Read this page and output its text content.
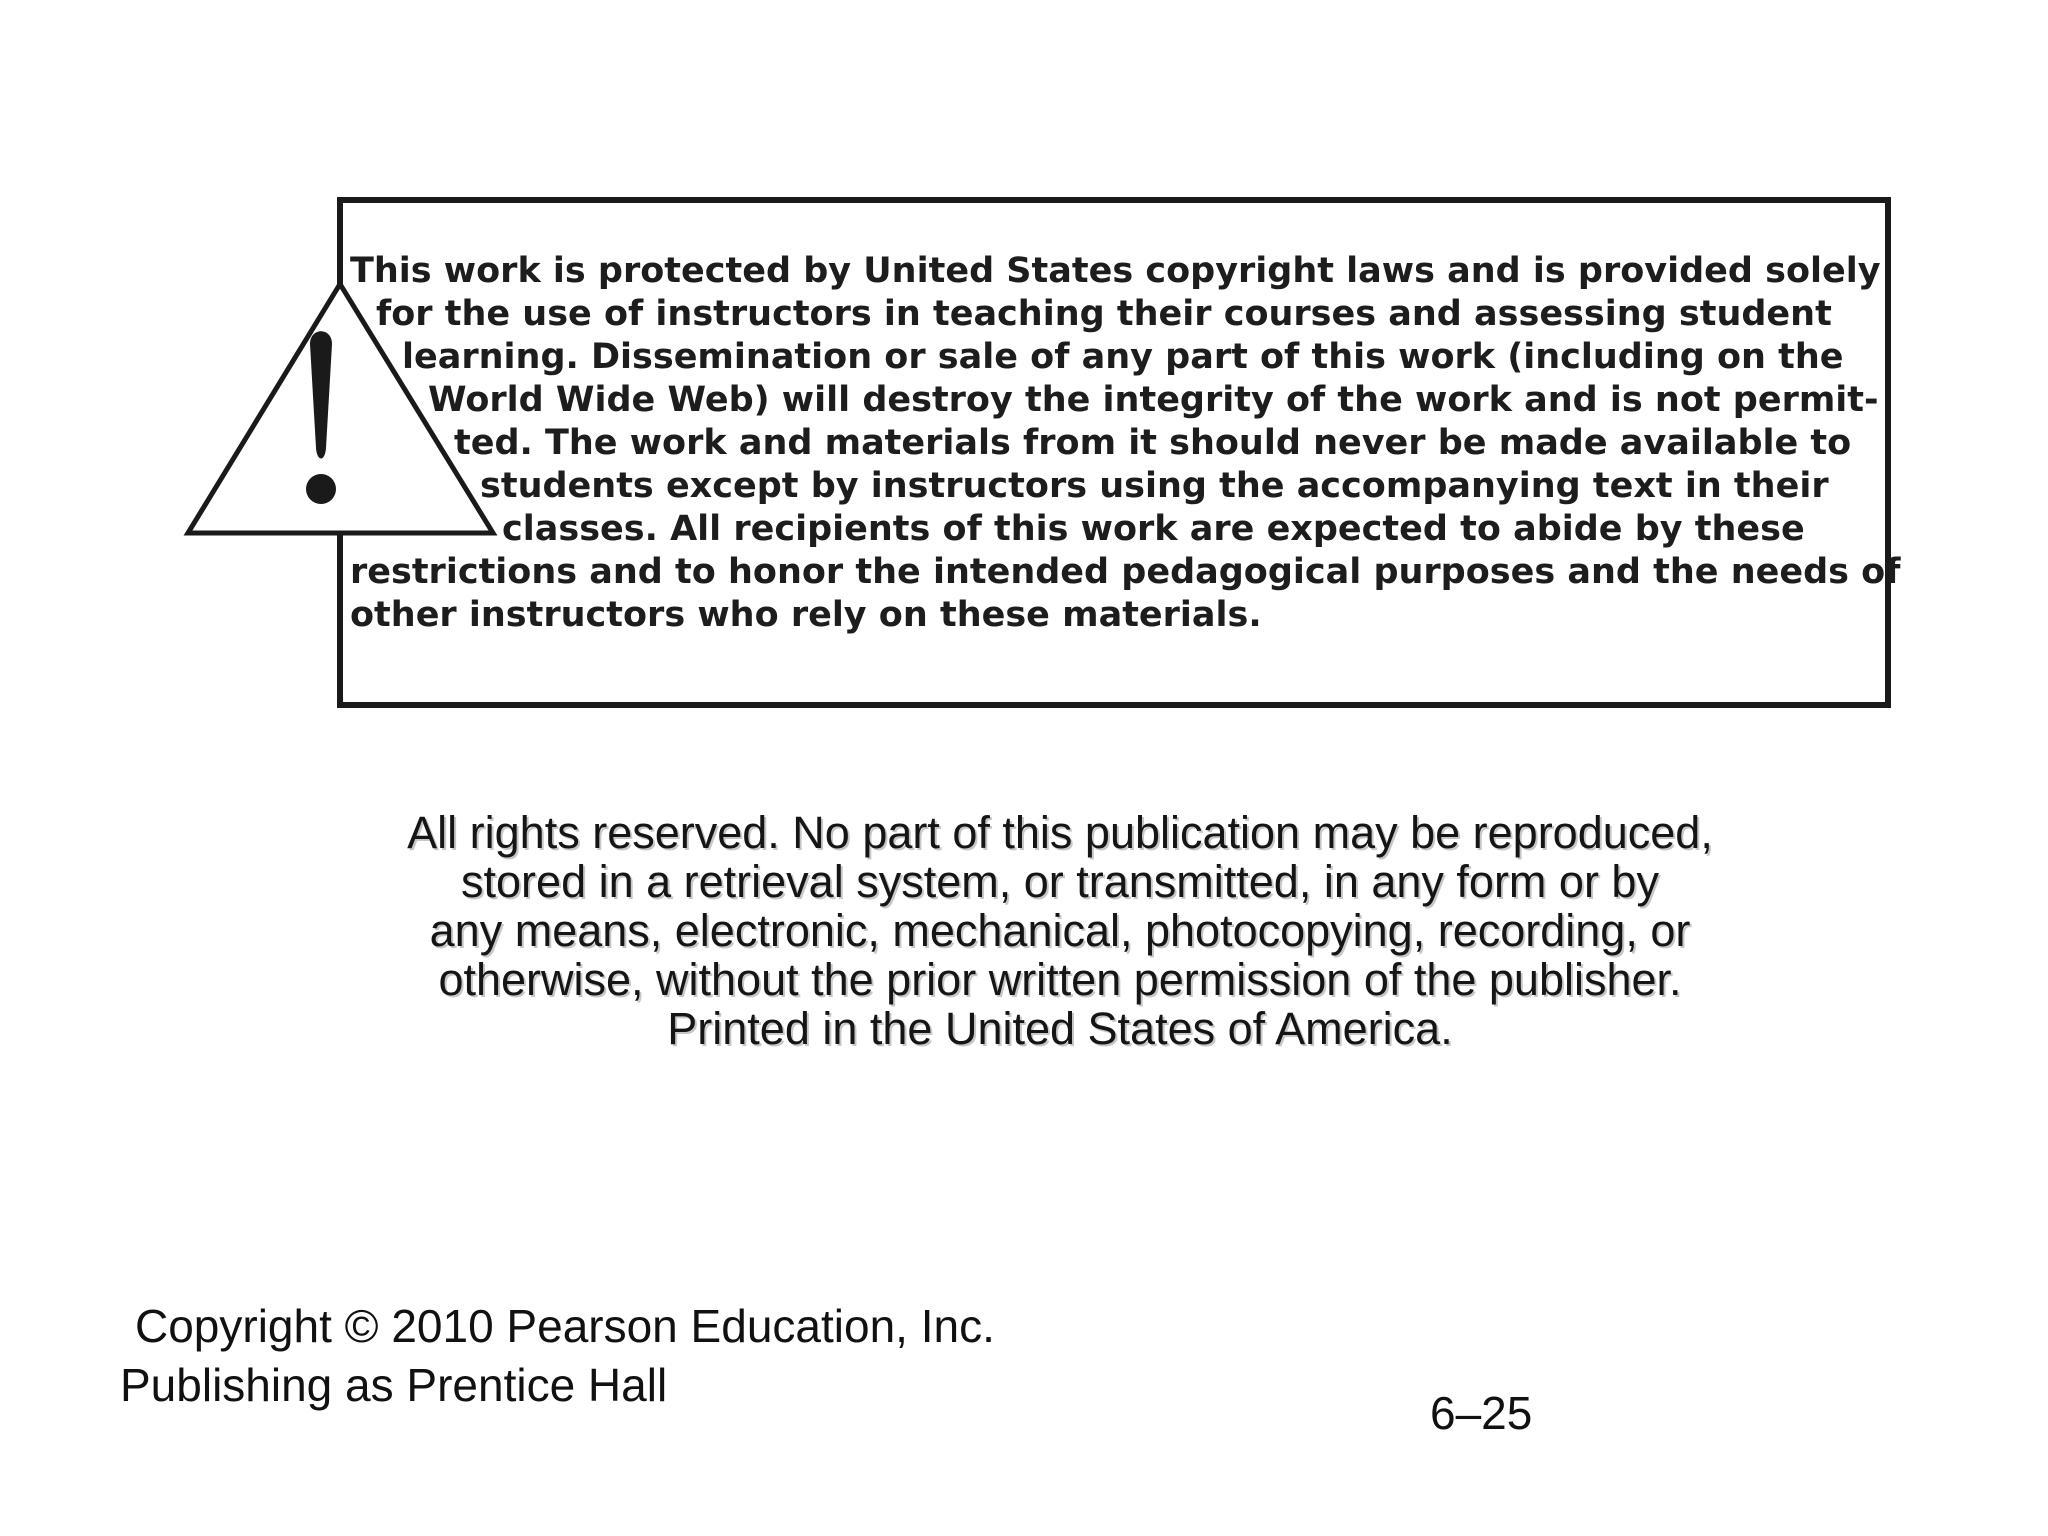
This work is protected by United States copyright laws and is provided solely
for the use of instructors in teaching their courses and assessing student
learning. Dissemination or sale of any part of this work (including on the
World Wide Web) will destroy the integrity of the work and is not permit-
ted. The work and materials from it should never be made available to
students except by instructors using the accompanying text in their
classes. All recipients of this work are expected to abide by these
restrictions and to honor the intended pedagogical purposes and the needs of
other instructors who rely on these materials.

All rights reserved. No part of this publication may be reproduced,
stored in a retrieval system, or transmitted, in any form or by
any means, electronic, mechanical, photocopying, recording, or
otherwise, without the prior written permission of the publisher.
Printed in the United States of America.

Copyright © 2010 Pearson Education, Inc.
Publishing as Prentice Hall
6–25
